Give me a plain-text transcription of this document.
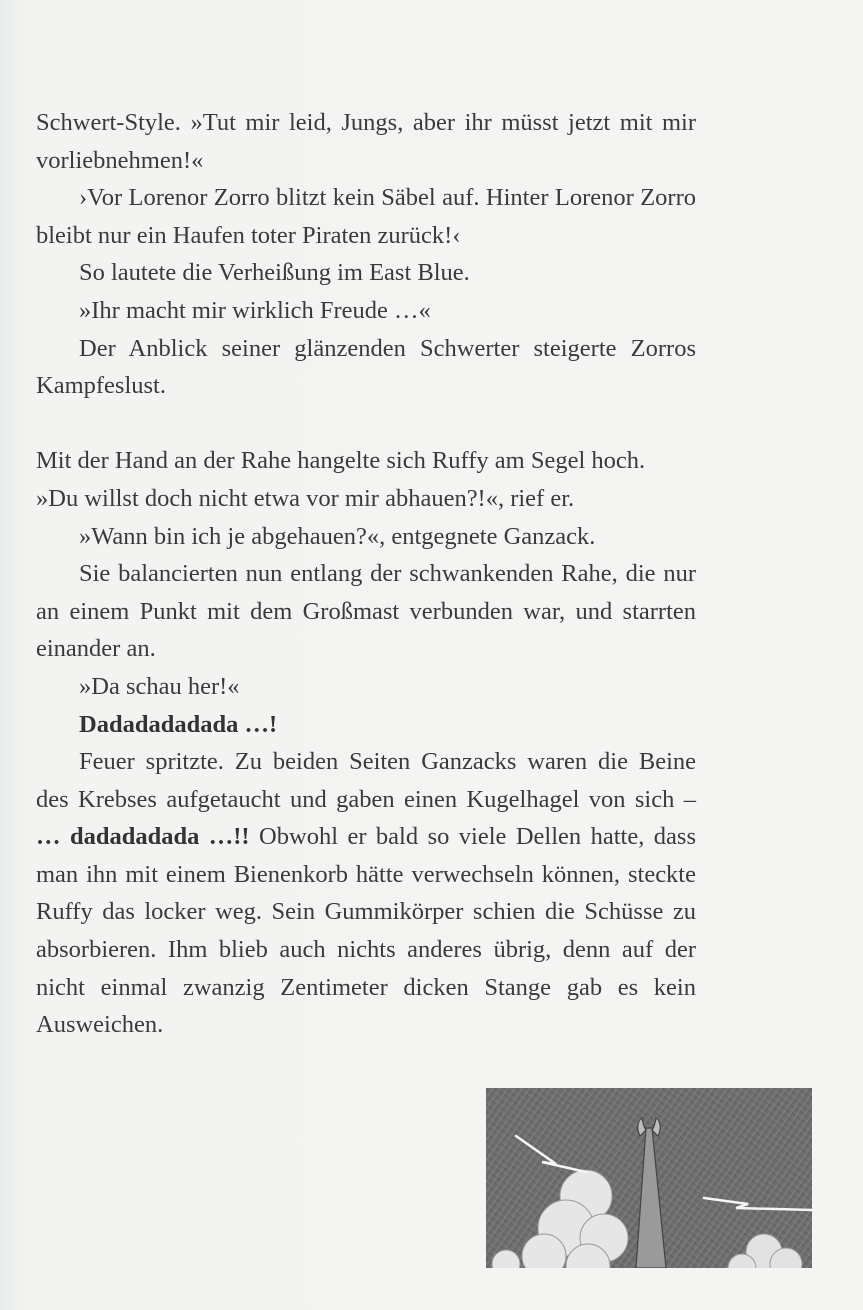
Schwert-Style. »Tut mir leid, Jungs, aber ihr müsst jetzt mit mir vorliebnehmen!«

›Vor Lorenor Zorro blitzt kein Säbel auf. Hinter Lorenor Zorro bleibt nur ein Haufen toter Piraten zurück!‹

So lautete die Verheißung im East Blue.

»Ihr macht mir wirklich Freude …«

Der Anblick seiner glänzenden Schwerter steigerte Zorros Kampfeslust.

Mit der Hand an der Rahe hangelte sich Ruffy am Segel hoch.

»Du willst doch nicht etwa vor mir abhauen?!«, rief er.

»Wann bin ich je abgehauen?«, entgegnete Ganzack.

Sie balancierten nun entlang der schwankenden Rahe, die nur an einem Punkt mit dem Großmast verbunden war, und starrten einander an.

»Da schau her!«

Dadadadadada …!

Feuer spritzte. Zu beiden Seiten Ganzacks waren die Beine des Krebses aufgetaucht und gaben einen Kugelhagel von sich – … dadadadada …!! Obwohl er bald so viele Dellen hatte, dass man ihn mit einem Bienenkorb hätte verwechseln können, steckte Ruffy das locker weg. Sein Gummikörper schien die Schüsse zu absorbieren. Ihm blieb auch nichts anderes übrig, denn auf der nicht einmal zwanzig Zentimeter dicken Stange gab es kein Ausweichen.
